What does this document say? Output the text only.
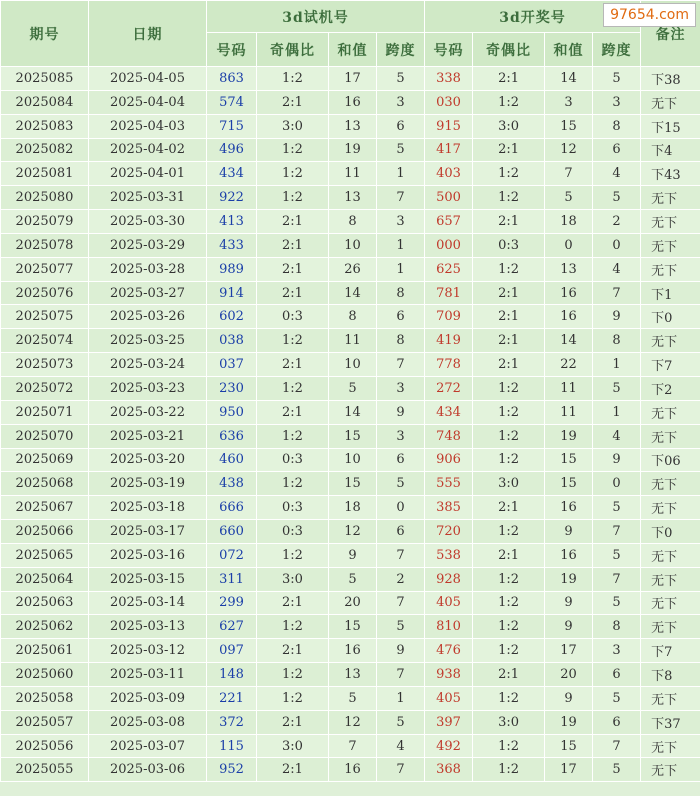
期号	日期	3d试机号				3d开奖号				备注
		号码	奇偶比	和值	跨度	号码	奇偶比	和值	跨度	
2025085	2025-04-05	863	1:2	17	5	338	2:1	14	5	下38
2025084	2025-04-04	574	2:1	16	3	030	1:2	3	3	无下
2025083	2025-04-03	715	3:0	13	6	915	3:0	15	8	下15
2025082	2025-04-02	496	1:2	19	5	417	2:1	12	6	下4
2025081	2025-04-01	434	1:2	11	1	403	1:2	7	4	下43
2025080	2025-03-31	922	1:2	13	7	500	1:2	5	5	无下
2025079	2025-03-30	413	2:1	8	3	657	2:1	18	2	无下
2025078	2025-03-29	433	2:1	10	1	000	0:3	0	0	无下
2025077	2025-03-28	989	2:1	26	1	625	1:2	13	4	无下
2025076	2025-03-27	914	2:1	14	8	781	2:1	16	7	下1
2025075	2025-03-26	602	0:3	8	6	709	2:1	16	9	下0
2025074	2025-03-25	038	1:2	11	8	419	2:1	14	8	无下
2025073	2025-03-24	037	2:1	10	7	778	2:1	22	1	下7
2025072	2025-03-23	230	1:2	5	3	272	1:2	11	5	下2
2025071	2025-03-22	950	2:1	14	9	434	1:2	11	1	无下
2025070	2025-03-21	636	1:2	15	3	748	1:2	19	4	无下
2025069	2025-03-20	460	0:3	10	6	906	1:2	15	9	下06
2025068	2025-03-19	438	1:2	15	5	555	3:0	15	0	无下
2025067	2025-03-18	666	0:3	18	0	385	2:1	16	5	无下
2025066	2025-03-17	660	0:3	12	6	720	1:2	9	7	下0
2025065	2025-03-16	072	1:2	9	7	538	2:1	16	5	无下
2025064	2025-03-15	311	3:0	5	2	928	1:2	19	7	无下
2025063	2025-03-14	299	2:1	20	7	405	1:2	9	5	无下
2025062	2025-03-13	627	1:2	15	5	810	1:2	9	8	无下
2025061	2025-03-12	097	2:1	16	9	476	1:2	17	3	下7
2025060	2025-03-11	148	1:2	13	7	938	2:1	20	6	下8
2025058	2025-03-09	221	1:2	5	1	405	1:2	9	5	无下
2025057	2025-03-08	372	2:1	12	5	397	3:0	19	6	下37
2025056	2025-03-07	115	3:0	7	4	492	1:2	15	7	无下
2025055	2025-03-06	952	2:1	16	7	368	1:2	17	5	无下
97654.com
